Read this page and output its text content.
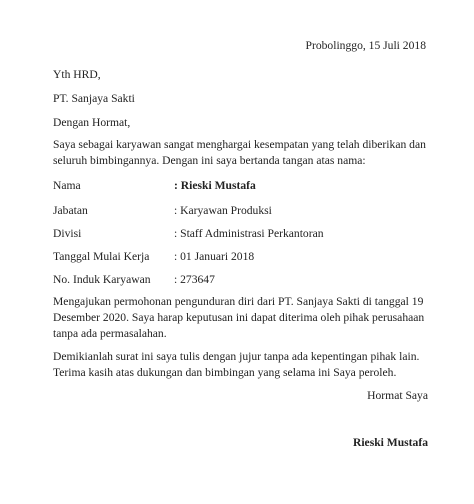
Probolinggo, 15 Juli 2018
Yth HRD,
PT. Sanjaya Sakti
Dengan Hormat,
Saya sebagai karyawan sangat menghargai kesempatan yang telah diberikan dan
seluruh bimbingannya. Dengan ini saya bertanda tangan atas nama:
Nama	: Rieski Mustafa
Jabatan	: Karyawan Produksi
Divisi	: Staff Administrasi Perkantoran
Tanggal Mulai Kerja : 01 Januari 2018
No. Induk Karyawan : 273647
Mengajukan permohonan pengunduran diri dari PT. Sanjaya Sakti di tanggal 19
Desember 2020. Saya harap keputusan ini dapat diterima oleh pihak perusahaan
tanpa ada permasalahan.
Demikianlah surat ini saya tulis dengan jujur tanpa ada kepentingan pihak lain.
Terima kasih atas dukungan dan bimbingan yang selama ini Saya peroleh.
Hormat Saya
Rieski Mustafa
